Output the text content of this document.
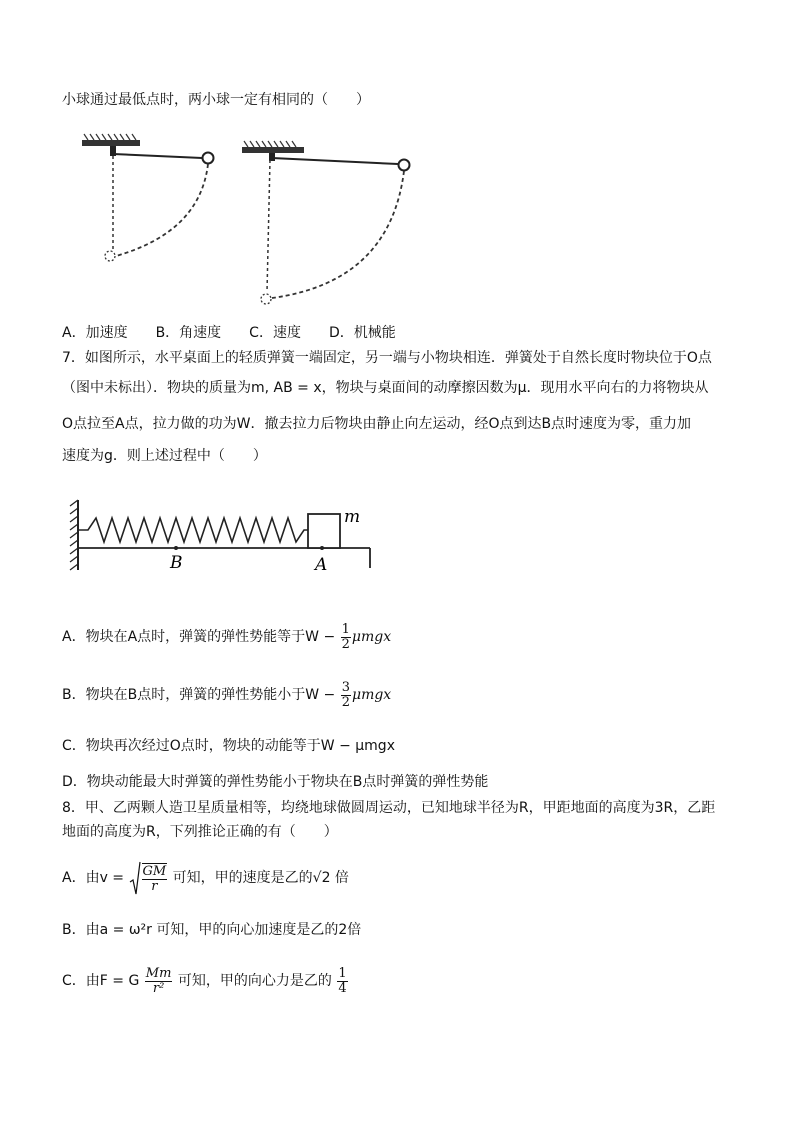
小球通过最低点时，两小球一定有相同的（　　）
A．加速度　　B．角速度　　C．速度　　D．机械能
7．如图所示，水平桌面上的轻质弹簧一端固定，另一端与小物块相连．弹簧处于自然长度时物块位于O点
（图中未标出）．物块的质量为m, AB = x，物块与桌面间的动摩擦因数为μ．现用水平向右的力将物块从
O点拉至A点，拉力做的功为W．撤去拉力后物块由静止向左运动，经O点到达B点时速度为零，重力加
速度为g．则上述过程中（　　）
m
B	A
A．物块在A点时，弹簧的弹性势能等于$W - \frac{1}{2}$ μmgx
B．物块在B点时，弹簧的弹性势能小于$W - \frac{3}{2}$ μmgx
C．物块再次经过O点时，物块的动能等于W − μmgx
D．物块动能最大时弹簧的弹性势能小于物块在B点时弹簧的弹性势能
8．甲、乙两颗人造卫星质量相等，均绕地球做圆周运动，已知地球半径为R，甲距地面的高度为3R，乙距
地面的高度为R，下列推论正确的有（　　）
A．由$v = \frac{GM}{r}$ 可知，甲的速度是乙的√2 倍
B．由a = ω²r 可知，甲的向心加速度是乙的2倍
C．由F = G $\frac{Mm}{\text{r²}}$ 可知，甲的向心力是乙的 $\frac{1}{4}$
